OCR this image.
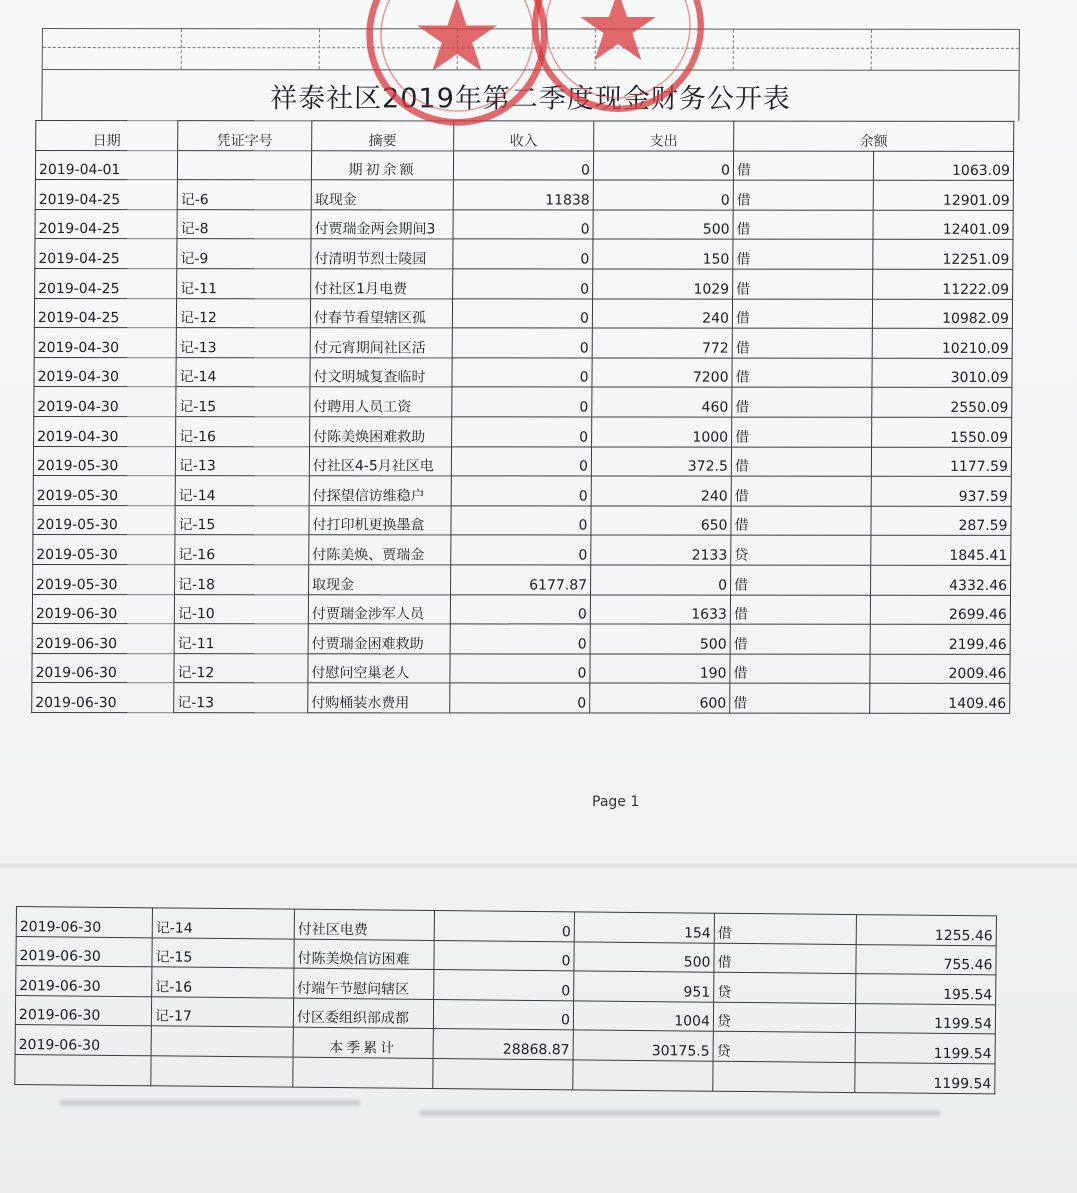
祥泰社区2019年第二季度现金财务公开表
日期	凭证字号	摘要	收入	支出	余额	
2019-04-01		期初余额	0	0	借	1063.09
2019-04-25	记-6	取现金	11838	0	借	12901.09
2019-04-25	记-8	付贾瑞金两会期间3	0	500	借	12401.09
2019-04-25	记-9	付清明节烈士陵园	0	150	借	12251.09
2019-04-25	记-11	付社区1月电费	0	1029	借	11222.09
2019-04-25	记-12	付春节看望辖区孤	0	240	借	10982.09
2019-04-30	记-13	付元宵期间社区活	0	772	借	10210.09
2019-04-30	记-14	付文明城复查临时	0	7200	借	3010.09
2019-04-30	记-15	付聘用人员工资	0	460	借	2550.09
2019-04-30	记-16	付陈美焕困难救助	0	1000	借	1550.09
2019-05-30	记-13	付社区4-5月社区电	0	372.5	借	1177.59
2019-05-30	记-14	付探望信访维稳户	0	240	借	937.59
2019-05-30	记-15	付打印机更换墨盒	0	650	借	287.59
2019-05-30	记-16	付陈美焕、贾瑞金	0	2133	贷	1845.41
2019-05-30	记-18	取现金	6177.87	0	借	4332.46
2019-06-30	记-10	付贾瑞金涉军人员	0	1633	借	2699.46
2019-06-30	记-11	付贾瑞金困难救助	0	500	借	2199.46
2019-06-30	记-12	付慰问空巢老人	0	190	借	2009.46
2019-06-30	记-13	付购桶装水费用	0	600	借	1409.46
Page 1
2019-06-30	记-14	付社区电费	0	154	借	1255.46
2019-06-30	记-15	付陈美焕信访困难	0	500	借	755.46
2019-06-30	记-16	付端午节慰问辖区	0	951	贷	195.54
2019-06-30	记-17	付区委组织部成都	0	1004	贷	1199.54
2019-06-30		本季累计	28868.87	30175.5	贷	1199.54
						1199.54
